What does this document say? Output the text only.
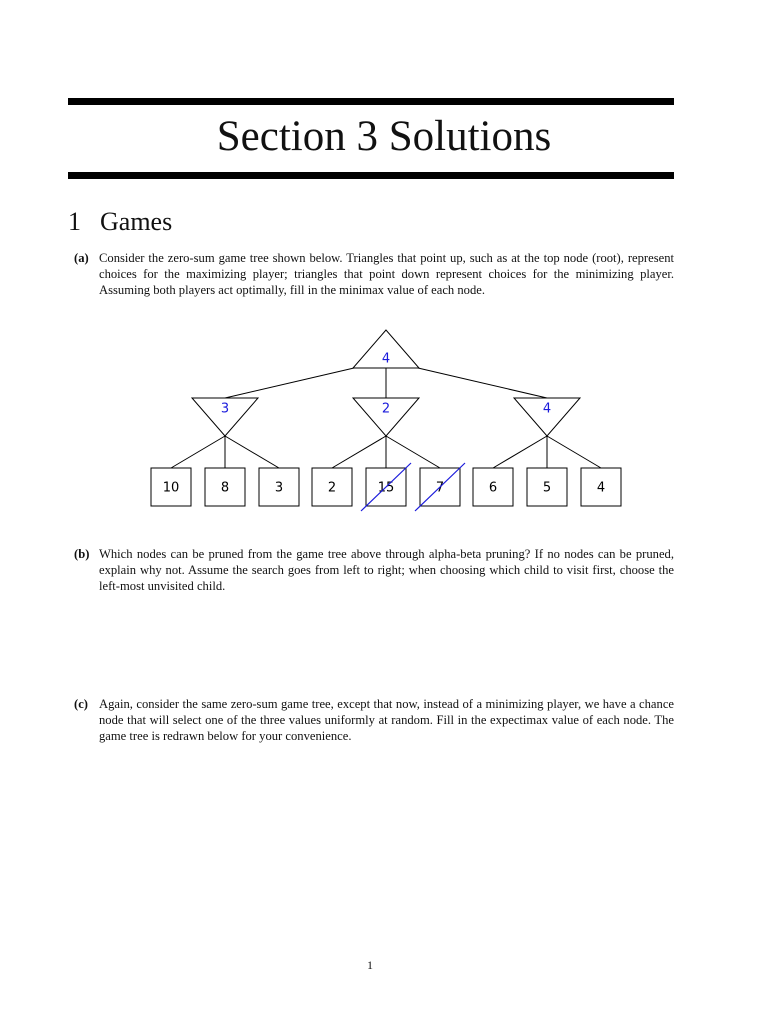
Section 3 Solutions
1 Games
(a) Consider the zero-sum game tree shown below. Triangles that point up, such as at the top node (root), represent choices for the maximizing player; triangles that point down represent choices for the minimizing player. Assuming both players act optimally, fill in the minimax value of each node.
4
3	2	4
10	8	3	2	15	7	6	5	4
(b) Which nodes can be pruned from the game tree above through alpha-beta pruning? If no nodes can be pruned, explain why not. Assume the search goes from left to right; when choosing which child to visit first, choose the left-most unvisited child.
(c) Again, consider the same zero-sum game tree, except that now, instead of a minimizing player, we have a chance node that will select one of the three values uniformly at random. Fill in the expectimax value of each node. The game tree is redrawn below for your convenience.
1
